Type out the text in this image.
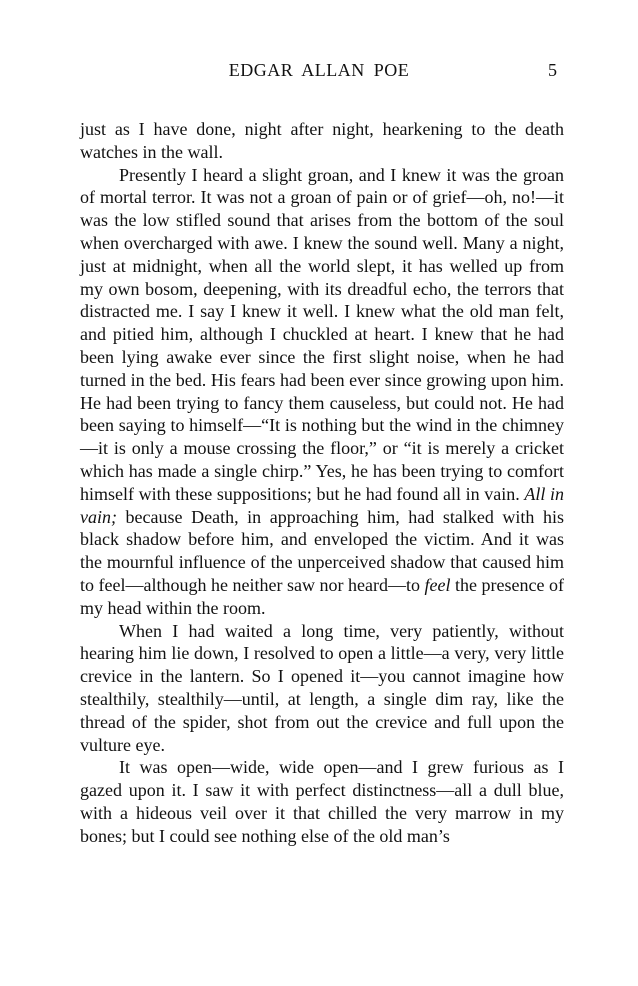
EDGAR ALLAN POE	5

just as I have done, night after night, hearkening to the death watches in the wall.

Presently I heard a slight groan, and I knew it was the groan of mortal terror. It was not a groan of pain or of grief—oh, no!—it was the low stifled sound that arises from the bottom of the soul when overcharged with awe. I knew the sound well. Many a night, just at midnight, when all the world slept, it has welled up from my own bosom, deepening, with its dreadful echo, the terrors that distracted me. I say I knew it well. I knew what the old man felt, and pitied him, although I chuckled at heart. I knew that he had been lying awake ever since the first slight noise, when he had turned in the bed. His fears had been ever since growing upon him. He had been trying to fancy them causeless, but could not. He had been saying to himself—“It is nothing but the wind in the chimney—it is only a mouse crossing the floor,” or “it is merely a cricket which has made a single chirp.” Yes, he has been trying to comfort himself with these suppositions; but he had found all in vain. All in vain; because Death, in approaching him, had stalked with his black shadow before him, and enveloped the victim. And it was the mournful influence of the unperceived shadow that caused him to feel—although he neither saw nor heard—to feel the presence of my head within the room.

When I had waited a long time, very patiently, without hearing him lie down, I resolved to open a little—a very, very little crevice in the lantern. So I opened it—you cannot imagine how stealthily, stealthily—until, at length, a single dim ray, like the thread of the spider, shot from out the crevice and full upon the vulture eye.

It was open—wide, wide open—and I grew furious as I gazed upon it. I saw it with perfect distinctness—all a dull blue, with a hideous veil over it that chilled the very marrow in my bones; but I could see nothing else of the old man’s
